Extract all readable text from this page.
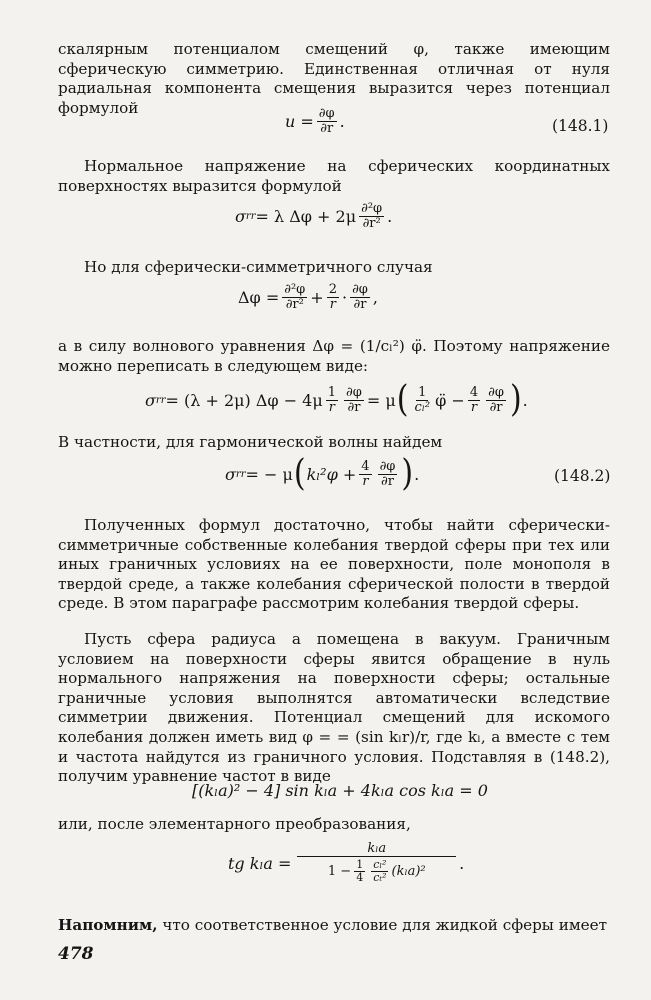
скалярным потенциалом смещений φ, также имеющим сферическую симметрию. Единственная отличная от нуля радиальная компонента смещения выразится через потенциал формулой
$u = \frac{\partial\varphi}{\partial r}$ .	(148.1)
Нормальное напряжение на сферических координатных поверхностях выразится формулой
σ rr = λ $\Delta\varphi + 2\mu \frac{\text{∂²φ}}{\text{∂r²}}$ .
Но для сферически-симметричного случая
$\Delta\varphi = \frac{\text{∂²φ}}{\text{∂r²}} + \frac{2}{r} \cdot \frac{\partial\varphi}{\partial r}$ ,
а в силу волнового уравнения Δφ = (1/cₗ²) φ̈. Поэтому напряжение можно переписать в следующем виде:
σ rr = (λ + 2μ) $\Delta\varphi - 4\mu \frac{1}{r} \frac{\partial\varphi}{\partial r} = \mu$ ( $\frac{1}{\text{cₗ²}}$ φ̈ − $\frac{4}{r} \frac{\partial\varphi}{\partial r}$ ) .
В частности, для гармонической волны найдем
σ rr = − μ ( $k_l^2\varphi + \frac{4}{r} \frac{\partial\varphi}{\partial r}$ ) .	(148.2)
Полученных формул достаточно, чтобы найти сферически-симметричные собственные колебания твердой сферы при тех или иных граничных условиях на ее поверхности, поле монополя в твердой среде, а также колебания сферической полости в твердой среде. В этом параграфе рассмотрим колебания твердой сферы.
Пусть сфера радиуса a помещена в вакуум. Граничным условием на поверхности сферы явится обращение в нуль нормального напряжения на поверхности сферы; остальные граничные условия выполнятся автоматически вследствие симметрии движения. Потенциал смещений для искомого колебания должен иметь вид φ = = (sin kₗr)/r, где kₗ, а вместе с тем и частота найдутся из граничного условия. Подставляя в (148.2), получим уравнение частот в виде
[(kₗa)² − 4] sin kₗa + 4kₗa cos kₗa = 0
или, после элементарного преобразования,
tg kₗa =
kₗa
$1 - \frac{1}{4} \frac{\text{cₗ²}}{\text{cₜ²}} (k_la)^2$ .
Напомним, что соответственное условие для жидкой сферы имеет
478
